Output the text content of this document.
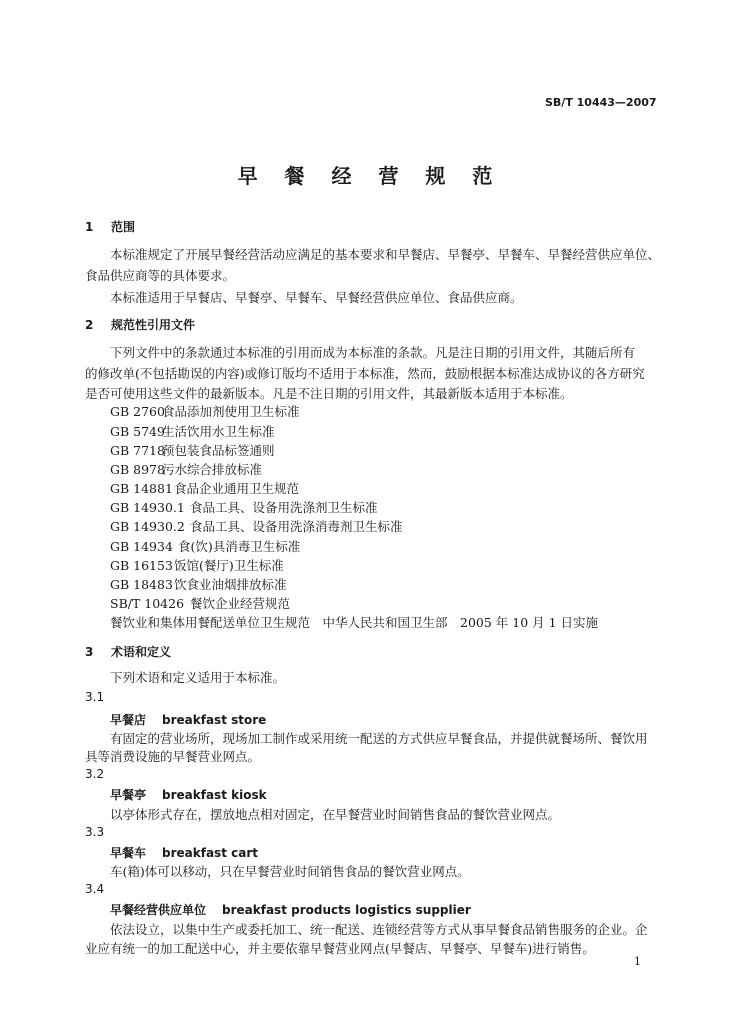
SB/T 10443—2007
早 餐 经 营 规 范
1 范围
本标准规定了开展早餐经营活动应满足的基本要求和早餐店、早餐亭、早餐车、早餐经营供应单位、
食品供应商等的具体要求。
本标准适用于早餐店、早餐亭、早餐车、早餐经营供应单位、食品供应商。
2 规范性引用文件
下列文件中的条款通过本标准的引用而成为本标准的条款。凡是注日期的引用文件，其随后所有
的修改单(不包括勘误的内容)或修订版均不适用于本标准，然而，鼓励根据本标准达成协议的各方研究
是否可使用这些文件的最新版本。凡是不注日期的引用文件，其最新版本适用于本标准。
GB 2760食品添加剂使用卫生标准
GB 5749生活饮用水卫生标准
GB 7718预包装食品标签通则
GB 8978污水综合排放标准
GB 14881食品企业通用卫生规范
GB 14930.1 食品工具、设备用洗涤剂卫生标准
GB 14930.2 食品工具、设备用洗涤消毒剂卫生标准
GB 14934 食(饮)具消毒卫生标准
GB 16153饭馆(餐厅)卫生标准
GB 18483饮食业油烟排放标准
SB/T 10426 餐饮企业经营规范
餐饮业和集体用餐配送单位卫生规范　中华人民共和国卫生部　2005 年 10 月 1 日实施
3 术语和定义
下列术语和定义适用于本标准。
3.1
早餐店 breakfast store
有固定的营业场所，现场加工制作或采用统一配送的方式供应早餐食品，并提供就餐场所、餐饮用
具等消费设施的早餐营业网点。
3.2
早餐亭 breakfast kiosk
以亭体形式存在，摆放地点相对固定，在早餐营业时间销售食品的餐饮营业网点。
3.3
早餐车 breakfast cart
车(箱)体可以移动，只在早餐营业时间销售食品的餐饮营业网点。
3.4
早餐经营供应单位 breakfast products logistics supplier
依法设立，以集中生产或委托加工、统一配送、连锁经营等方式从事早餐食品销售服务的企业。企
业应有统一的加工配送中心，并主要依靠早餐营业网点(早餐店、早餐亭、早餐车)进行销售。
1
